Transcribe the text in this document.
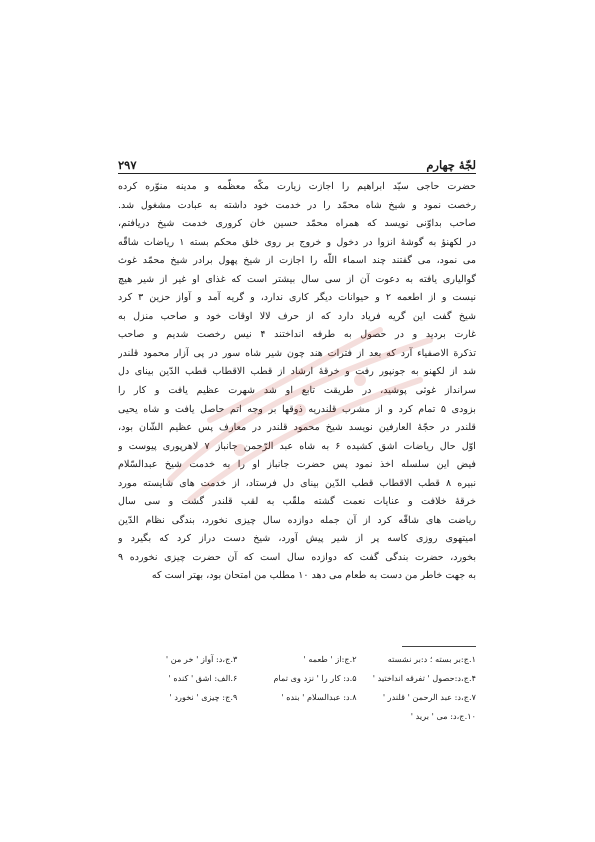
لجّهٔ چهارم
۲۹۷
حضرت حاجی سیّد ابراهیم را اجازت زیارت مکّه معظّمه و مدینه منوّره کرده
رخصت نمود و شیخ شاه محمّد را در خدمت خود داشته به عبادت مشغول شد.
صاحب بداوّنی نویسد که همراه محمّد حسین خان کروری خدمت شیخ دریافتم،
در لکهنؤ به گوشهٔ انزوا در دخول و خروج بر روی خلق محکم بسته ۱ ریاضات شاقّه
می نمود، می گفتند چند اسماء اللّه را اجازت از شیخ پهول برادر شیخ محمّد غوث
گوالیاری یافته به دعوت آن از سی سال بیشتر است که غذای او غیر از شیر هیچ
نیست و از اطعمه ۲ و حیوانات دیگر کاری ندارد، و گریه آمد و آواز حزین ۳ کرد
شیخ گفت این گریه فریاد دارد که از حرف لالا اوقات خود و صاحب منزل به
غارت بردید و در حصول به طرفه انداختند ۴ نیس رخصت شدیم و صاحب
تذکرة الاصفیاء آرد که بعد از فترات هند چون شیر شاه سور در پی آزار محمود قلندر
شد از لکهنو به جونپور رفت و خرقهٔ ارشاد از قطب الاقطاب قطب الدّین بینای دل
سرانداز غوثی پوشید، در طریقت تابع او شد شهرت عظیم یافت و کار را
بزودی ۵ تمام کرد و از مشرب قلندریه ذوقها بر وجه اتم حاصل یافت و شاه یحیی
قلندر در حجّهٔ العارفین نویسد شیخ محمود قلندر در معارف پس عظیم الشّان بود،
اوّل حال ریاضات اشق کشیده ۶ به شاه عبد الرّحمن جانباز ۷ لاهرپوری پیوست و
فیض این سلسله اخذ نمود پس حضرت جانباز او را به خدمت شیخ عبدالسّلام
نبیره ۸ قطب الاقطاب قطب الدّین بینای دل فرستاد، از خدمت های شایسته مورد
خرقهٔ خلافت و عنایات نعمت گشته ملقّب به لقب قلندر گشت و سی سال
ریاضت های شاقّه کرد از آن جمله دوازده سال چیزی نخورد، بندگی نظام الدّین
امیتهوی روزی کاسه پر از شیر پیش آورد، شیخ دست دراز کرد که بگیرد و
بخورد، حضرت بندگی گفت که دوازده سال است که آن حضرت چیزی نخورده ۹
به جهت خاطر من دست به طعام می دهد ۱۰ مطلب من امتحان بود، بهتر است که
۱.ج:بر بسته ؛ د:بر نشسته
۲.ج:از ' طعمه '
۳.ج،د: آواز ' خر من '
۴.ج،د:حصول ' تفرقه انداختید '
۵.د: کار را ' نزد وی تمام
۶.الف: اشق ' کنده '
۷.ج،د: عبد الرحمن ' قلندر '
۸.د: عبدالسلام ' بنده '
۹.ج: چیزی ' نخورد '
۱۰.ج،د: می ' برید '
